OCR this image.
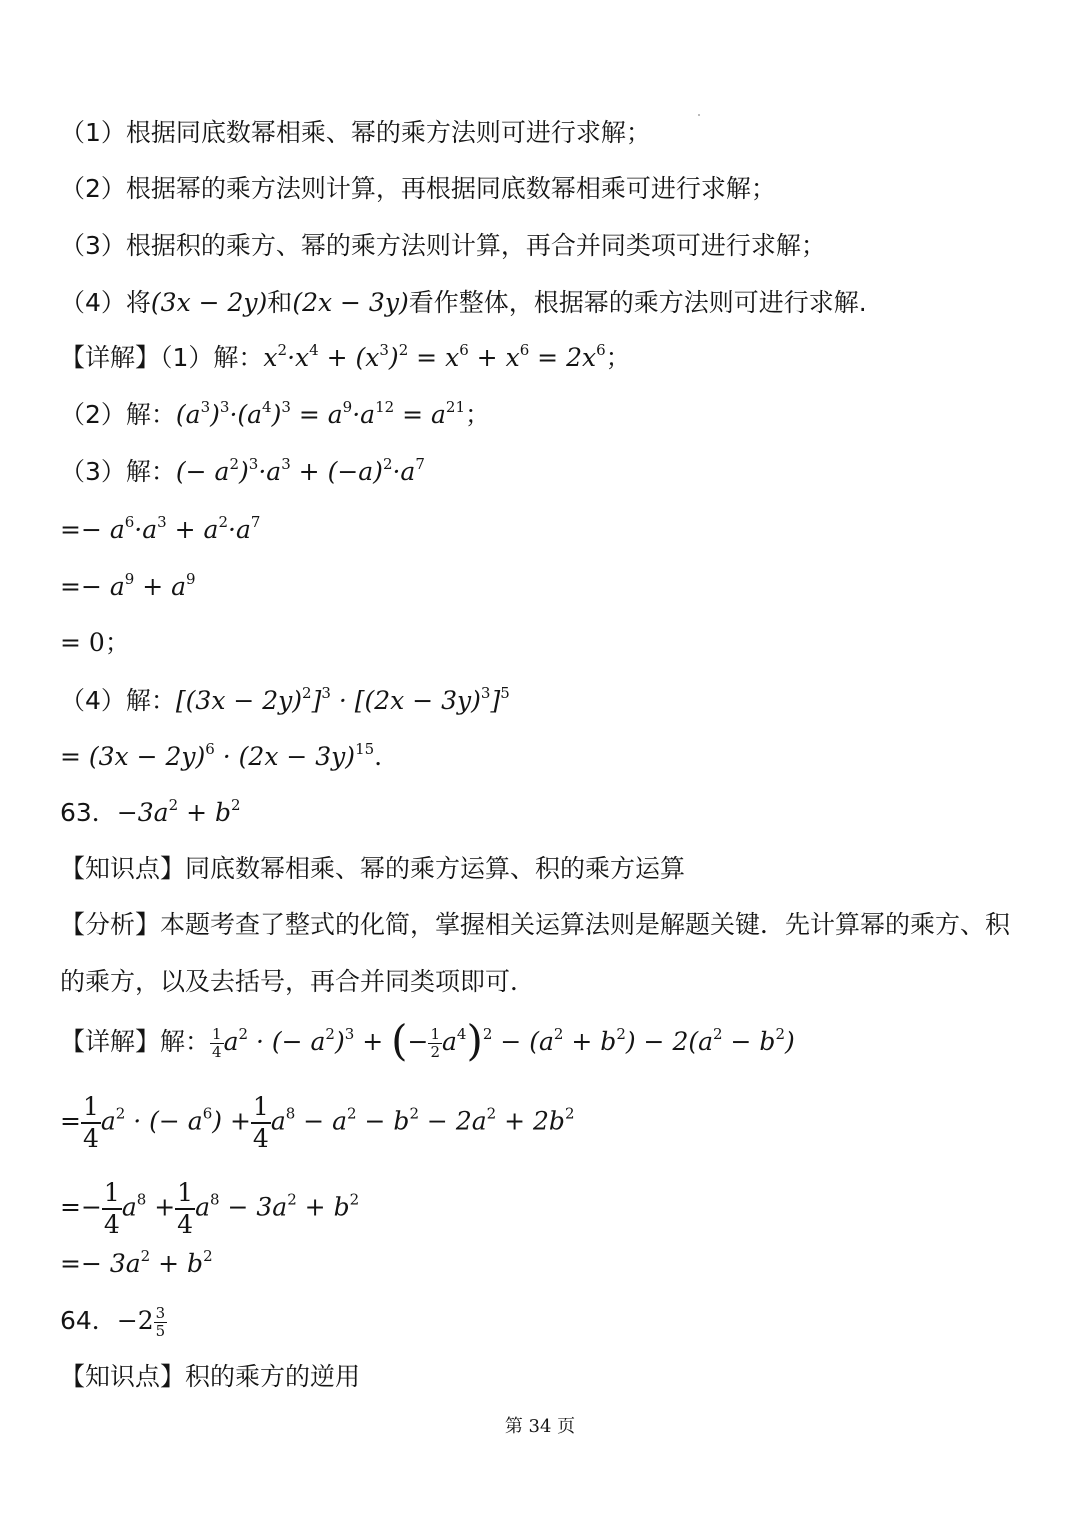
（1）根据同底数幂相乘、幂的乘方法则可进行求解；
（2）根据幂的乘方法则计算，再根据同底数幂相乘可进行求解；
（3）根据积的乘方、幂的乘方法则计算，再合并同类项可进行求解；
（4）将(3x − 2y)和(2x − 3y)看作整体，根据幂的乘方法则可进行求解.
【详解】（1）解：$x^2\cdot x^4 + (x^3)^2 = x^6 + x^6 = 2x^6$；
（2）解：$(a^3)^3\cdot(a^4)^3 = a^9\cdot a^{12} = a^{21}$；
（3）解：(− $a^2)^3\cdot a^3 + (-a)^2\cdot a^7$
=− $a^6\cdot a^3 + a^2\cdot a^7$
=− $a^9 + a^9$
= 0；
（4）解：$[(3x - 2y)^2]^3 \cdot [(2x - 3y)^3]^5$
= $(3x - 2y)^6 \cdot (2x - 3y)^{15}$.
63．$-3a^2 + b^2$
【知识点】同底数幂相乘、幂的乘方运算、积的乘方运算
【分析】本题考查了整式的化简，掌握相关运算法则是解题关键．先计算幂的乘方、积
的乘方，以及去括号，再合并同类项即可．
【详解】解： $\frac{1}{4} a^2$ · (− $a^2)^3$ + (− $\frac{1}{2} a^4)^2 - (a^2 + b^2) - 2(a^2 - b^2)$
= $\frac{1}{4} a^2$ · (− $a^6) + \frac{1}{4} a^8 - a^2 - b^2 - 2a^2 + 2b^2$
=− $\frac{1}{4} a^8 + \frac{1}{4} a^8 - 3a^2 + b^2$
=− $3a^2 + b^2$
64．$-2 \frac{3}{5}$
【知识点】积的乘方的逆用
第 34 页
